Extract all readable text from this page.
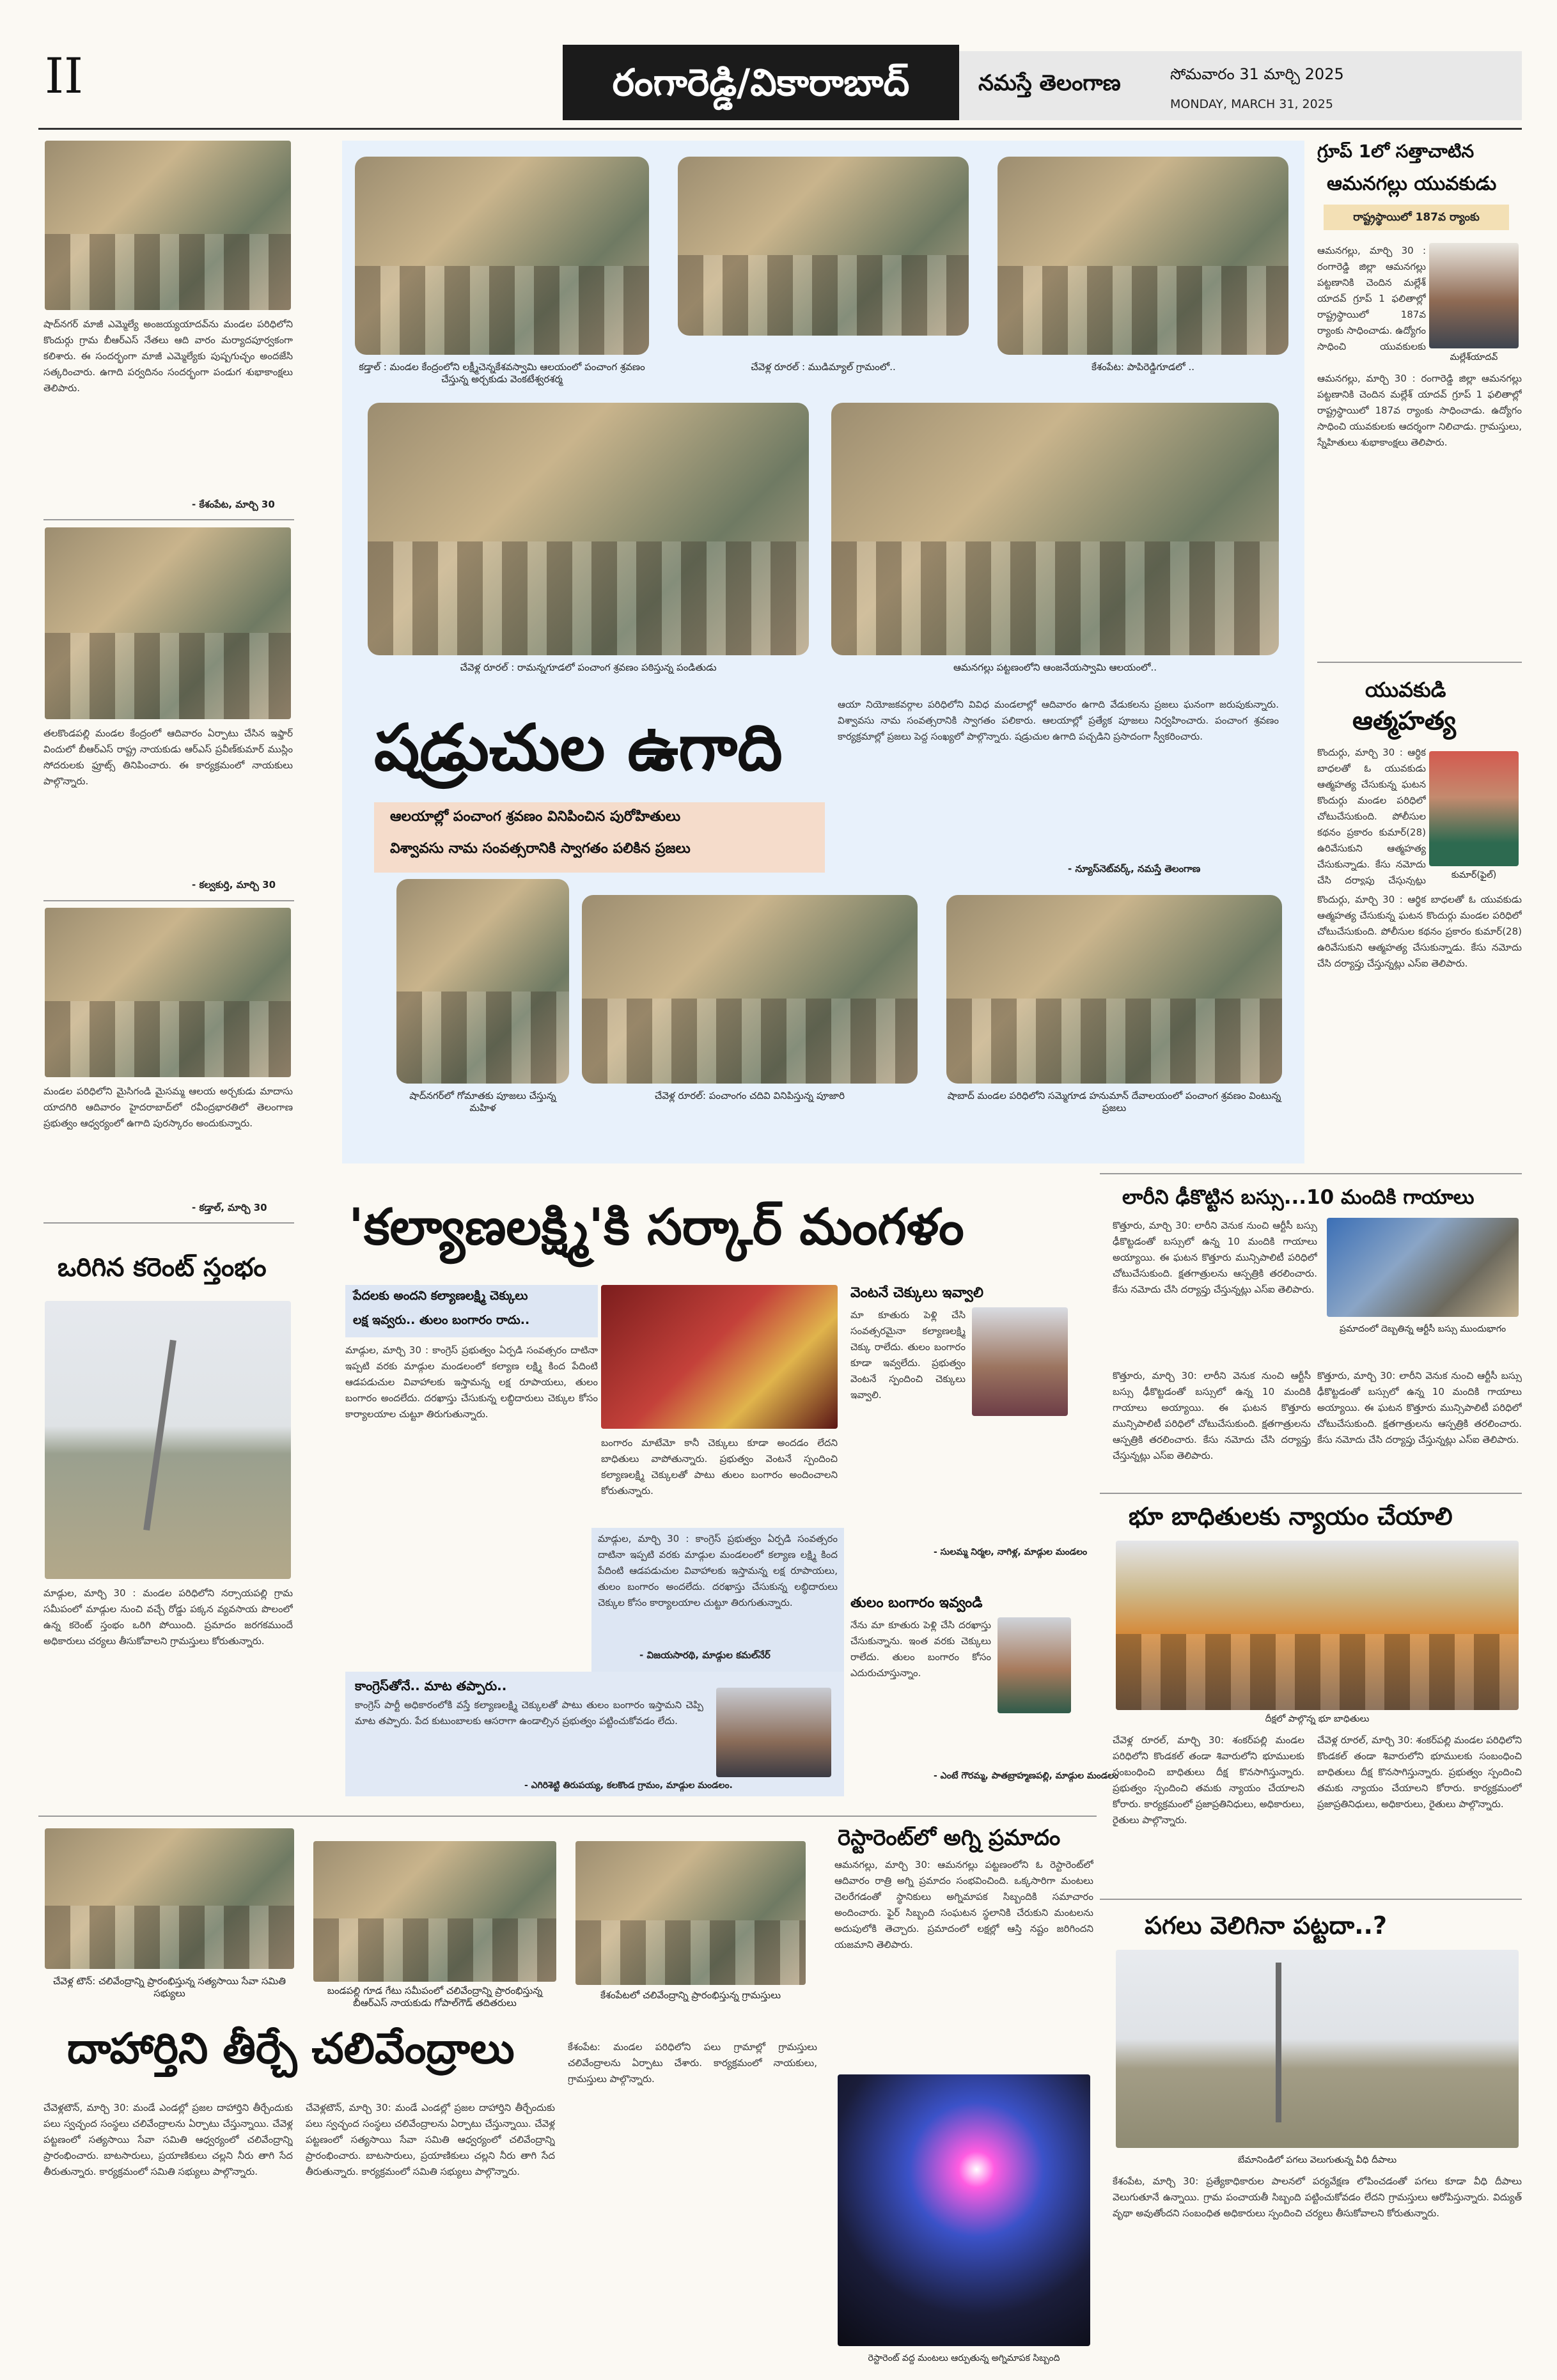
II	రంగారెడ్డి/వికారాబాద్	నమస్తే తెలంగాణ	సోమవారం 31 మార్చి 2025
MONDAY, MARCH 31, 2025
షాద్‌నగర్ మాజీ ఎమ్మెల్యే అంజయ్యయాదవ్‌ను మండల పరిధిలోని కొందుర్గు గ్రామ బీఆర్‌ఎస్ నేతలు ఆది వారం మర్యాదపూర్వకంగా కలిశారు. ఈ సందర్భంగా మాజీ ఎమ్మెల్యేకు పుష్పగుచ్ఛం అందజేసి సత్కరించారు. ఉగాది పర్వదినం సందర్భంగా పండుగ శుభాకాంక్షలు తెలిపారు.
- కేశంపేట, మార్చి 30
తలకొండపల్లి మండల కేంద్రంలో ఆదివారం ఏర్పాటు చేసిన ఇఫ్తార్ విందులో బీఆర్‌ఎస్ రాష్ట్ర నాయకుడు ఆర్‌ఎస్ ప్రవీణ్‌కుమార్ ముస్లిం సోదరులకు ఫ్రూట్స్ తినిపించారు. ఈ కార్యక్రమంలో నాయకులు పాల్గొన్నారు.
- కల్వకుర్తి, మార్చి 30
మండల పరిధిలోని మైసిగండి మైసమ్మ ఆలయ అర్చకుడు మాదాసు యాదగిరి ఆదివారం హైదరాబాద్‌లో రవీంద్రభారతిలో తెలంగాణ ప్రభుత్వం ఆధ్వర్యంలో ఉగాది పురస్కారం అందుకున్నారు.
- కడ్తాల్, మార్చి 30
ఒరిగిన కరెంట్ స్తంభం
మాడ్గుల, మార్చి 30 : మండల పరిధిలోని నర్సాయపల్లి గ్రామ సమీపంలో మాడ్గుల నుంచి వచ్చే రోడ్డు పక్కన వ్యవసాయ పొలంలో ఉన్న కరెంట్ స్తంభం ఒరిగి పోయింది. ప్రమాదం జరగకముందే అధికారులు చర్యలు తీసుకోవాలని గ్రామస్తులు కోరుతున్నారు.
కడ్తాల్ : మండల కేంద్రంలోని లక్ష్మీచెన్నకేశవస్వామి ఆలయంలో పంచాంగ శ్రవణం చేస్తున్న అర్చకుడు వెంకటేశ్వరశర్మ
చేవెళ్ల రూరల్ : ముడిమ్యాల్ గ్రామంలో..	కేశంపేట: పాపిరెడ్డిగూడలో ..
చేవెళ్ల రూరల్ : రామన్నగూడలో పంచాంగ శ్రవణం పఠిస్తున్న పండితుడు	ఆమనగల్లు పట్టణంలోని ఆంజనేయస్వామి ఆలయంలో..
షడ్రుచుల ఉగాది
ఆలయాల్లో పంచాంగ శ్రవణం వినిపించిన పురోహితులు
విశ్వావసు నామ సంవత్సరానికి స్వాగతం పలికిన ప్రజలు
ఆయా నియోజకవర్గాల పరిధిలోని వివిధ మండలాల్లో ఆదివారం ఉగాది వేడుకలను ప్రజలు ఘనంగా జరుపుకున్నారు. విశ్వావసు నామ సంవత్సరానికి స్వాగతం పలికారు. ఆలయాల్లో ప్రత్యేక పూజలు నిర్వహించారు. పంచాంగ శ్రవణం కార్యక్రమాల్లో ప్రజలు పెద్ద సంఖ్యలో పాల్గొన్నారు. షడ్రుచుల ఉగాది పచ్చడిని ప్రసాదంగా స్వీకరించారు.
- న్యూస్‌నెట్‌వర్క్, నమస్తే తెలంగాణ
షాద్‌నగర్‌లో గోమాతకు పూజలు చేస్తున్న మహిళ
చేవెళ్ల రూరల్: పంచాంగం చదివి వినిపిస్తున్న పూజారి	షాబాద్ మండల పరిధిలోని సమ్మెగూడ హనుమాన్ దేవాలయంలో పంచాంగ శ్రవణం వింటున్న ప్రజలు
'కల్యాణలక్ష్మి'కి సర్కార్ మంగళం
పేదలకు అందని కల్యాణలక్ష్మి చెక్కులు
లక్ష ఇవ్వరు.. తులం బంగారం రాదు..
మాడ్గుల, మార్చి 30 : కాంగ్రెస్ ప్రభుత్వం ఏర్పడి సంవత్సరం దాటినా ఇప్పటి వరకు మాడ్గుల మండలంలో కల్యాణ లక్ష్మి కింద పేదింటి ఆడపడుచుల వివాహాలకు ఇస్తామన్న లక్ష రూపాయలు, తులం బంగారం అందలేదు. దరఖాస్తు చేసుకున్న లబ్ధిదారులు చెక్కుల కోసం కార్యాలయాల చుట్టూ తిరుగుతున్నారు.
బంగారం మాటేమో కానీ చెక్కులు కూడా అందడం లేదని బాధితులు వాపోతున్నారు. ప్రభుత్వం వెంటనే స్పందించి కల్యాణలక్ష్మి చెక్కులతో పాటు తులం బంగారం అందించాలని కోరుతున్నారు.
మాడ్గుల, మార్చి 30 : కాంగ్రెస్ ప్రభుత్వం ఏర్పడి సంవత్సరం దాటినా ఇప్పటి వరకు మాడ్గుల మండలంలో కల్యాణ లక్ష్మి కింద పేదింటి ఆడపడుచుల వివాహాలకు ఇస్తామన్న లక్ష రూపాయలు, తులం బంగారం అందలేదు. దరఖాస్తు చేసుకున్న లబ్ధిదారులు చెక్కుల కోసం కార్యాలయాల చుట్టూ తిరుగుతున్నారు.
- విజయసారథి, మాడ్గుల కమల్‌నేర్
కాంగ్రెస్‌తోనే.. మాట తప్పారు..
కాంగ్రెస్ పార్టీ అధికారంలోకి వస్తే కల్యాణలక్ష్మి చెక్కులతో పాటు తులం బంగారం ఇస్తామని చెప్పి మాట తప్పారు. పేద కుటుంబాలకు ఆసరాగా ఉండాల్సిన ప్రభుత్వం పట్టించుకోవడం లేదు.
- ఎగిరిశెట్టి తిరుపయ్య, కలకొండ గ్రామం, మాడ్గుల మండలం.
వెంటనే చెక్కులు ఇవ్వాలి
మా కూతురు పెళ్లి చేసి సంవత్సరమైనా కల్యాణలక్ష్మి చెక్కు రాలేదు. తులం బంగారం కూడా ఇవ్వలేదు. ప్రభుత్వం వెంటనే స్పందించి చెక్కులు ఇవ్వాలి.
- సులమ్మ నిర్మల, నాగిళ్ల, మాడ్గుల మండలం
తులం బంగారం ఇవ్వండి
నేను మా కూతురు పెళ్లి చేసి దరఖాస్తు చేసుకున్నాను. ఇంత వరకు చెక్కులు రాలేదు. తులం బంగారం కోసం ఎదురుచూస్తున్నాం.
- ఎంటే గౌరమ్మ, పాతబ్రాహ్మణపల్లి, మాడ్గుల మండలం
గ్రూప్ 1లో సత్తాచాటిన
ఆమనగల్లు యువకుడు
రాష్ట్రస్థాయిలో 187వ ర్యాంకు
మల్లేశ్‌యాదవ్
ఆమనగల్లు, మార్చి 30 : రంగారెడ్డి జిల్లా ఆమనగల్లు పట్టణానికి చెందిన మల్లేశ్ యాదవ్ గ్రూప్ 1 ఫలితాల్లో రాష్ట్రస్థాయిలో 187వ ర్యాంకు సాధించాడు. ఉద్యోగం సాధించి యువకులకు
ఆమనగల్లు, మార్చి 30 : రంగారెడ్డి జిల్లా ఆమనగల్లు పట్టణానికి చెందిన మల్లేశ్ యాదవ్ గ్రూప్ 1 ఫలితాల్లో రాష్ట్రస్థాయిలో 187వ ర్యాంకు సాధించాడు. ఉద్యోగం సాధించి యువకులకు ఆదర్శంగా నిలిచాడు. గ్రామస్తులు, స్నేహితులు శుభాకాంక్షలు తెలిపారు.
యువకుడి
ఆత్మహత్య
కుమార్(ఫైల్)
కొందుర్గు, మార్చి 30 : ఆర్థిక బాధలతో ఓ యువకుడు ఆత్మహత్య చేసుకున్న ఘటన కొందుర్గు మండల పరిధిలో చోటుచేసుకుంది. పోలీసుల కథనం ప్రకారం కుమార్(28) ఉరివేసుకుని ఆత్మహత్య చేసుకున్నాడు. కేసు నమోదు చేసి దర్యాప్తు చేస్తున్నట్లు
కొందుర్గు, మార్చి 30 : ఆర్థిక బాధలతో ఓ యువకుడు ఆత్మహత్య చేసుకున్న ఘటన కొందుర్గు మండల పరిధిలో చోటుచేసుకుంది. పోలీసుల కథనం ప్రకారం కుమార్(28) ఉరివేసుకుని ఆత్మహత్య చేసుకున్నాడు. కేసు నమోదు చేసి దర్యాప్తు చేస్తున్నట్లు ఎస్‌ఐ తెలిపారు.
లారీని ఢీకొట్టిన బస్సు...10 మందికి గాయాలు
కొత్తూరు, మార్చి 30: లారీని వెనుక నుంచి ఆర్టీసీ బస్సు ఢీకొట్టడంతో బస్సులో ఉన్న 10 మందికి గాయాలు అయ్యాయి. ఈ ఘటన కొత్తూరు మున్సిపాలిటీ పరిధిలో చోటుచేసుకుంది. క్షతగాత్రులను ఆస్పత్రికి తరలించారు. కేసు నమోదు చేసి దర్యాప్తు చేస్తున్నట్లు ఎస్‌ఐ తెలిపారు.
ప్రమాదంలో దెబ్బతిన్న ఆర్టీసీ బస్సు ముందుభాగం
కొత్తూరు, మార్చి 30: లారీని వెనుక నుంచి ఆర్టీసీ బస్సు ఢీకొట్టడంతో బస్సులో ఉన్న 10 మందికి గాయాలు అయ్యాయి. ఈ ఘటన కొత్తూరు మున్సిపాలిటీ పరిధిలో చోటుచేసుకుంది. క్షతగాత్రులను ఆస్పత్రికి తరలించారు. కేసు నమోదు చేసి దర్యాప్తు చేస్తున్నట్లు ఎస్‌ఐ తెలిపారు.
కొత్తూరు, మార్చి 30: లారీని వెనుక నుంచి ఆర్టీసీ బస్సు ఢీకొట్టడంతో బస్సులో ఉన్న 10 మందికి గాయాలు అయ్యాయి. ఈ ఘటన కొత్తూరు మున్సిపాలిటీ పరిధిలో చోటుచేసుకుంది. క్షతగాత్రులను ఆస్పత్రికి తరలించారు. కేసు నమోదు చేసి దర్యాప్తు చేస్తున్నట్లు ఎస్‌ఐ తెలిపారు.
భూ బాధితులకు న్యాయం చేయాలి
దీక్షలో పాల్గొన్న భూ బాధితులు
చేవెళ్ల రూరల్, మార్చి 30: శంకర్‌పల్లి మండల పరిధిలోని కొండకల్ తండా శివారులోని భూములకు సంబంధించి బాధితులు దీక్ష కొనసాగిస్తున్నారు. ప్రభుత్వం స్పందించి తమకు న్యాయం చేయాలని కోరారు. కార్యక్రమంలో ప్రజాప్రతినిధులు, అధికారులు, రైతులు పాల్గొన్నారు.
చేవెళ్ల రూరల్, మార్చి 30: శంకర్‌పల్లి మండల పరిధిలోని కొండకల్ తండా శివారులోని భూములకు సంబంధించి బాధితులు దీక్ష కొనసాగిస్తున్నారు. ప్రభుత్వం స్పందించి తమకు న్యాయం చేయాలని కోరారు. కార్యక్రమంలో ప్రజాప్రతినిధులు, అధికారులు, రైతులు పాల్గొన్నారు.
పగలు వెలిగినా పట్టదా..?
బేమానిండిలో పగలు వెలుగుతున్న వీధి దీపాలు
కేశంపేట, మార్చి 30: ప్రత్యేకాధికారుల పాలనలో పర్యవేక్షణ లోపించడంతో పగలు కూడా వీధి దీపాలు వెలుగుతూనే ఉన్నాయి. గ్రామ పంచాయతీ సిబ్బంది పట్టించుకోవడం లేదని గ్రామస్తులు ఆరోపిస్తున్నారు. విద్యుత్ వృథా అవుతోందని సంబంధిత అధికారులు స్పందించి చర్యలు తీసుకోవాలని కోరుతున్నారు.
చేవెళ్ల టౌన్: చలివేంద్రాన్ని ప్రారంభిస్తున్న సత్యసాయి సేవా సమితి సభ్యులు	బండపల్లి గూడ గేటు సమీపంలో చలివేంద్రాన్ని ప్రారంభిస్తున్న బీఆర్‌ఎస్ నాయకుడు గోపాల్‌గౌడ్ తదితరులు
కేశంపేటలో చలివేంద్రాన్ని ప్రారంభిస్తున్న గ్రామస్తులు
దాహార్తిని తీర్చే చలివేంద్రాలు
చేవెళ్లటౌన్, మార్చి 30: మండే ఎండల్లో ప్రజల దాహార్తిని తీర్చేందుకు పలు స్వచ్ఛంద సంస్థలు చలివేంద్రాలను ఏర్పాటు చేస్తున్నాయి. చేవెళ్ల పట్టణంలో సత్యసాయి సేవా సమితి ఆధ్వర్యంలో చలివేంద్రాన్ని ప్రారంభించారు. బాటసారులు, ప్రయాణికులు చల్లని నీరు తాగి సేద తీరుతున్నారు. కార్యక్రమంలో సమితి సభ్యులు పాల్గొన్నారు.
చేవెళ్లటౌన్, మార్చి 30: మండే ఎండల్లో ప్రజల దాహార్తిని తీర్చేందుకు పలు స్వచ్ఛంద సంస్థలు చలివేంద్రాలను ఏర్పాటు చేస్తున్నాయి. చేవెళ్ల పట్టణంలో సత్యసాయి సేవా సమితి ఆధ్వర్యంలో చలివేంద్రాన్ని ప్రారంభించారు. బాటసారులు, ప్రయాణికులు చల్లని నీరు తాగి సేద తీరుతున్నారు. కార్యక్రమంలో సమితి సభ్యులు పాల్గొన్నారు.
కేశంపేట: మండల పరిధిలోని పలు గ్రామాల్లో గ్రామస్తులు చలివేంద్రాలను ఏర్పాటు చేశారు. కార్యక్రమంలో నాయకులు, గ్రామస్తులు పాల్గొన్నారు.
రెస్టారెంట్‌లో అగ్ని ప్రమాదం
ఆమనగల్లు, మార్చి 30: ఆమనగల్లు పట్టణంలోని ఓ రెస్టారెంట్‌లో ఆదివారం రాత్రి అగ్ని ప్రమాదం సంభవించింది. ఒక్కసారిగా మంటలు చెలరేగడంతో స్థానికులు అగ్నిమాపక సిబ్బందికి సమాచారం అందించారు. ఫైర్ సిబ్బంది సంఘటన స్థలానికి చేరుకుని మంటలను అదుపులోకి తెచ్చారు. ప్రమాదంలో లక్షల్లో ఆస్తి నష్టం జరిగిందని యజమాని తెలిపారు.
రెస్టారెంట్ వద్ద మంటలు ఆర్పుతున్న అగ్నిమాపక సిబ్బంది
